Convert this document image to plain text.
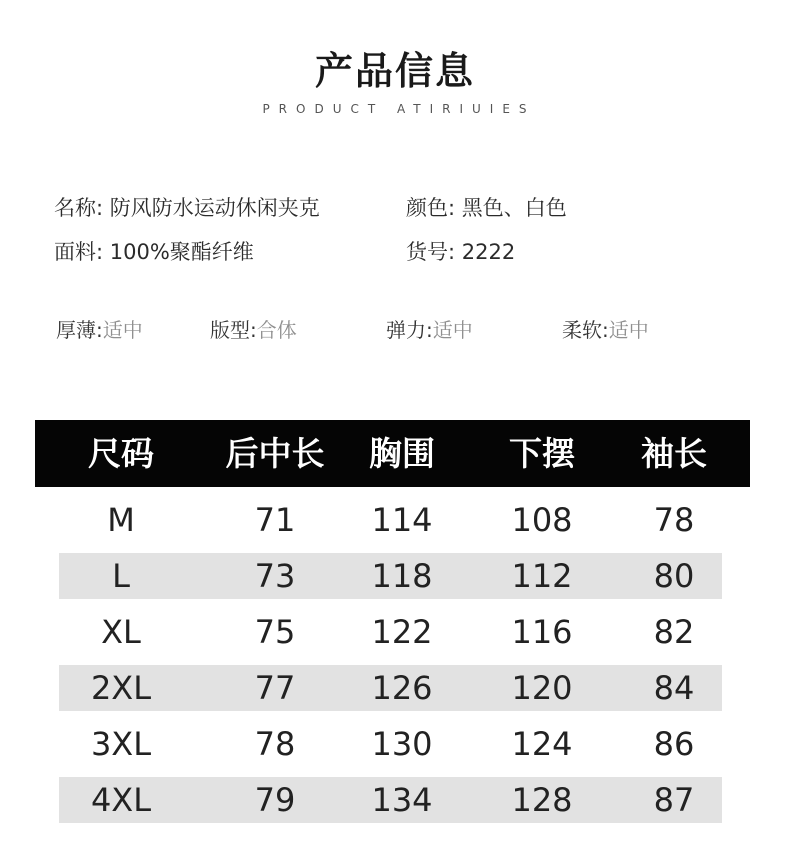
产品信息
PRODUCT ATIRIUIES
名称: 防风防水运动休闲夹克	颜色: 黑色、白色
面料: 100%聚酯纤维	货号: 2222
厚薄:适中	版型:合体	弹力:适中	柔软:适中
尺码 后中长 胸围 下摆 袖长
M	71 114 108	78
L	73 118 112	80
XL	75 122 116	82
2XL	77 126 120	84
3XL	78 130 124	86
4XL	79 134 128	87
